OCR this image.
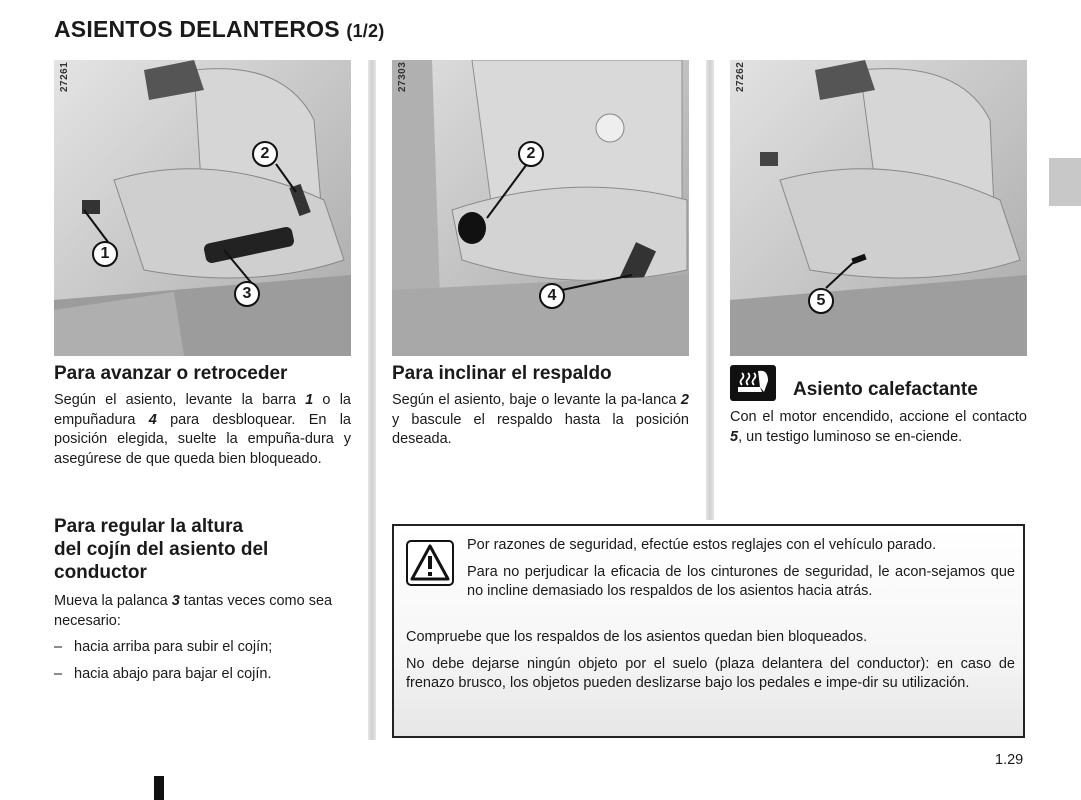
ASIENTOS DELANTEROS (1/2)
27261
2
1
3
27303
2
4
27262
5
Para avanzar o retroceder

Según el asiento, levante la barra 1 o la empuñadura 4 para desbloquear. En la posición elegida, suelte la empuña-dura y asegúrese de que queda bien bloqueado.

Para regular la altura
del cojín del asiento del
conductor

Mueva la palanca 3 tantas veces como sea necesario:

– hacia arriba para subir el cojín;
– hacia abajo para bajar el cojín.
Para inclinar el respaldo

Según el asiento, baje o levante la pa-lanca 2 y bascule el respaldo hasta la posición deseada.

Asiento calefactante

Con el motor encendido, accione el contacto 5, un testigo luminoso se en-ciende.

Por razones de seguridad, efectúe estos reglajes con el vehículo parado.

Para no perjudicar la eficacia de los cinturones de seguridad, le acon-sejamos que no incline demasiado los respaldos de los asientos hacia atrás.

Compruebe que los respaldos de los asientos quedan bien bloqueados.

No debe dejarse ningún objeto por el suelo (plaza delantera del conductor): en caso de frenazo brusco, los objetos pueden deslizarse bajo los pedales e impe-dir su utilización.

1.29
